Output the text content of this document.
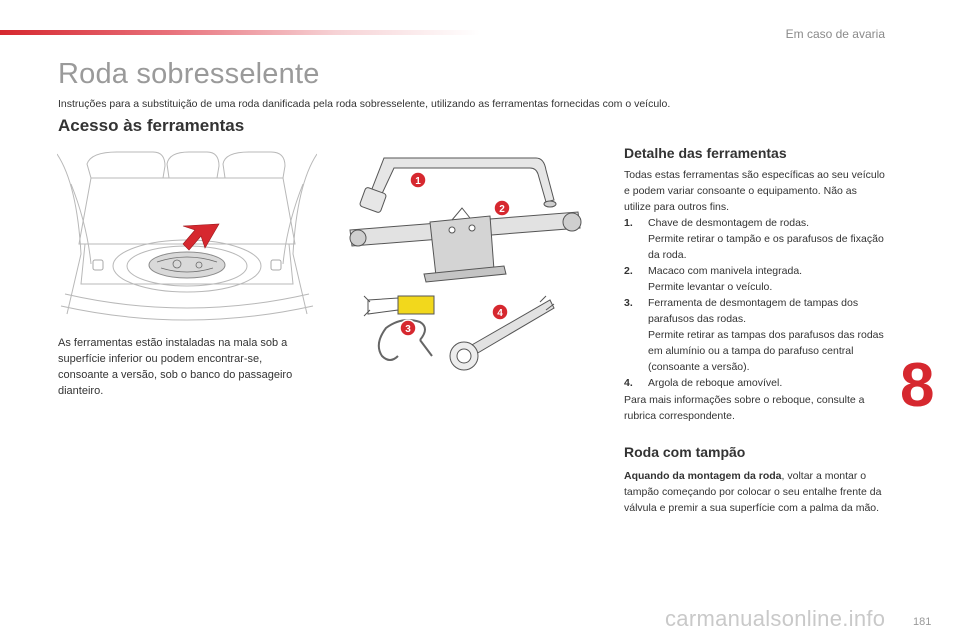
Em caso de avaria
Roda sobresselente
Instruções para a substituição de uma roda danificada pela roda sobresselente, utilizando as ferramentas fornecidas com o veículo.
Acesso às ferramentas

As ferramentas estão instaladas na mala sob a superfície inferior ou podem encontrar-se, consoante a versão, sob o banco do passageiro dianteiro.

1
2
3
4
Detalhe das ferramentas

Todas estas ferramentas são específicas ao seu veículo e podem variar consoante o equipamento. Não as utilize para outros fins.

1. Chave de desmontagem de rodas.
Permite retirar o tampão e os parafusos de fixação da roda.
2. Macaco com manivela integrada.
Permite levantar o veículo.
3. Ferramenta de desmontagem de tampas dos parafusos das rodas.
Permite retirar as tampas dos parafusos das rodas em alumínio ou a tampa do parafuso central (consoante a versão).
4. Argola de reboque amovível.

Para mais informações sobre o reboque, consulte a rubrica correspondente.

Roda com tampão

Aquando da montagem da roda, voltar a montar o tampão começando por colocar o seu entalhe frente da válvula e premir a sua superfície com a palma da mão.

8
181
carmanualsonline.info
